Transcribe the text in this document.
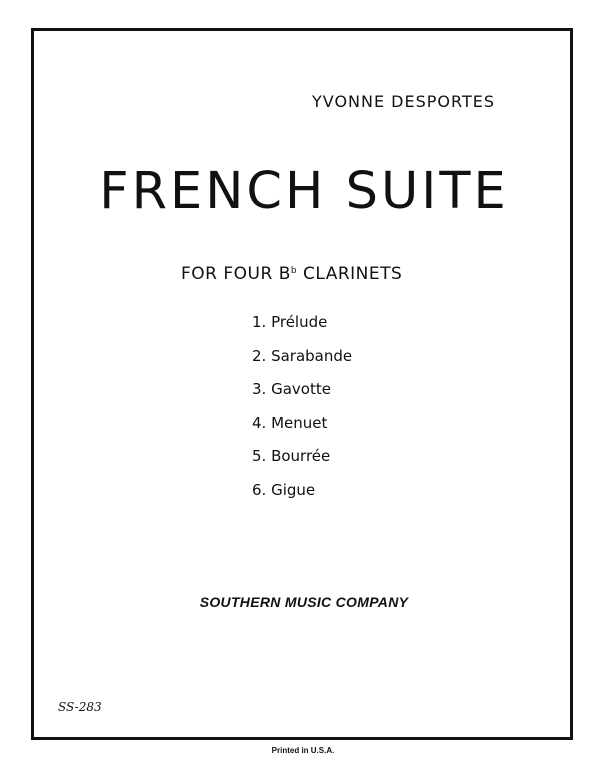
YVONNE DESPORTES
FRENCH SUITE
FOR FOUR $B^b$ CLARINETS
1. Prélude
2. Sarabande
3. Gavotte
4. Menuet
5. Bourrée
6. Gigue
SOUTHERN MUSIC COMPANY
SS-283
Printed in U.S.A.
